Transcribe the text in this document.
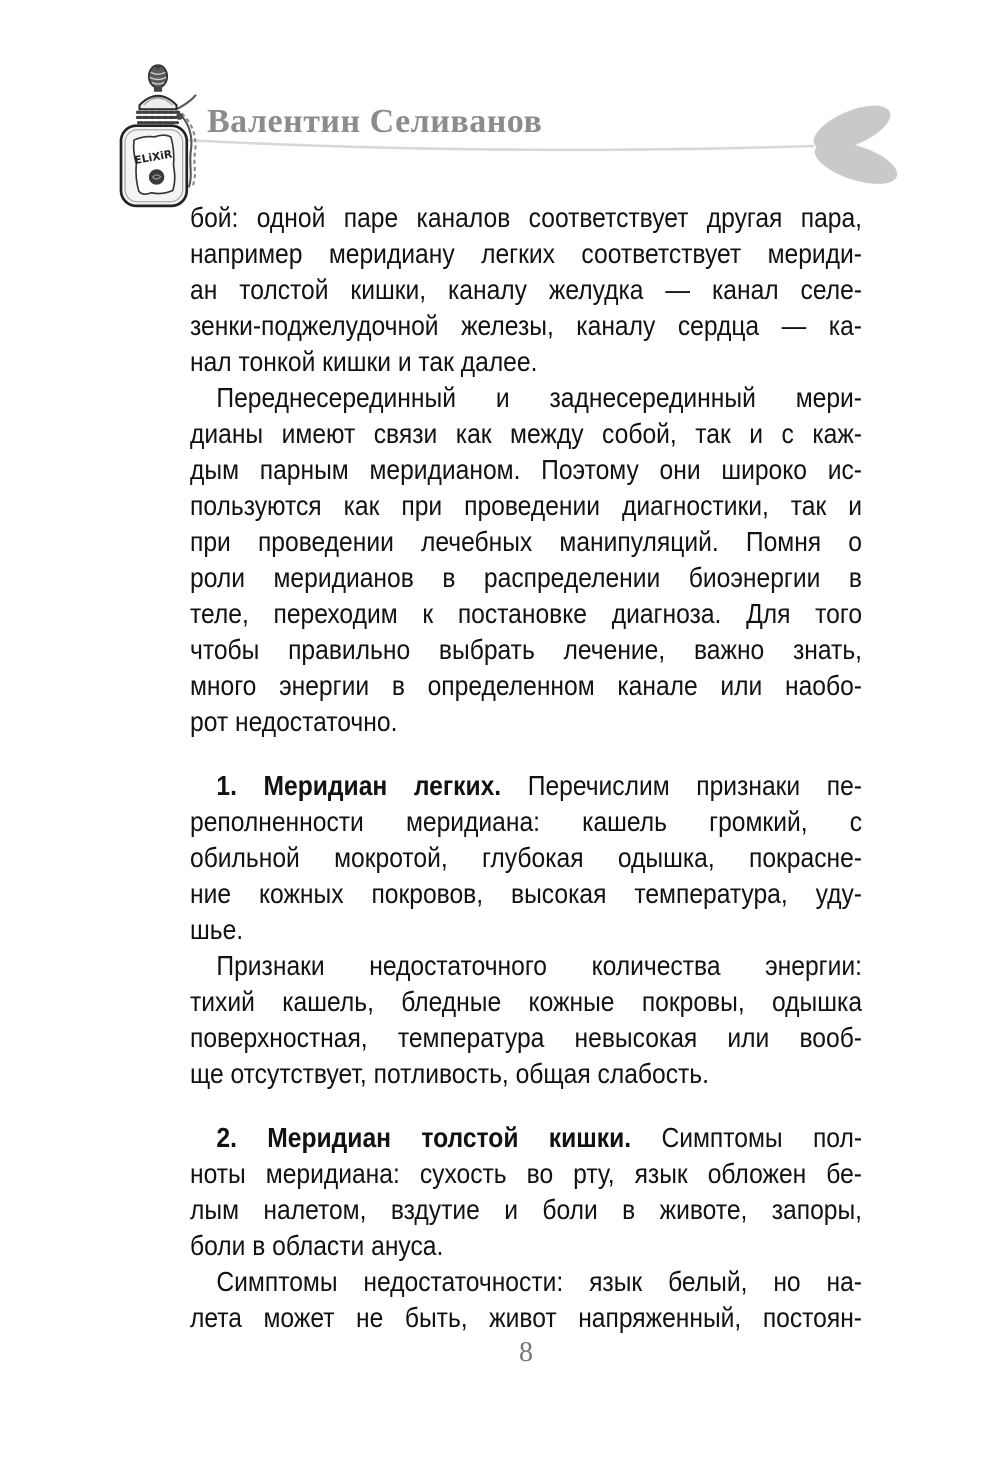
ELiXiR
Валентин Селиванов
бой: одной паре каналов соответствует другая пара,
например меридиану легких соответствует мериди-
ан толстой кишки, каналу желудка — канал селе-
зенки-поджелудочной железы, каналу сердца — ка-
нал тонкой кишки и так далее.
Переднесерединный и заднесерединный мери-
дианы имеют связи как между собой, так и с каж-
дым парным меридианом. Поэтому они широко ис-
пользуются как при проведении диагностики, так и
при проведении лечебных манипуляций. Помня о
роли меридианов в распределении биоэнергии в
теле, переходим к постановке диагноза. Для того
чтобы правильно выбрать лечение, важно знать,
много энергии в определенном канале или наобо-
рот недостаточно.
1. Меридиан легких. Перечислим признаки пе-
реполненности меридиана: кашель громкий, с
обильной мокротой, глубокая одышка, покрасне-
ние кожных покровов, высокая температура, уду-
шье.
Признаки недостаточного количества энергии:
тихий кашель, бледные кожные покровы, одышка
поверхностная, температура невысокая или вооб-
ще отсутствует, потливость, общая слабость.
2. Меридиан толстой кишки. Симптомы пол-
ноты меридиана: сухость во рту, язык обложен бе-
лым налетом, вздутие и боли в животе, запоры,
боли в области ануса.
Симптомы недостаточности: язык белый, но на-
лета может не быть, живот напряженный, постоян-
8
